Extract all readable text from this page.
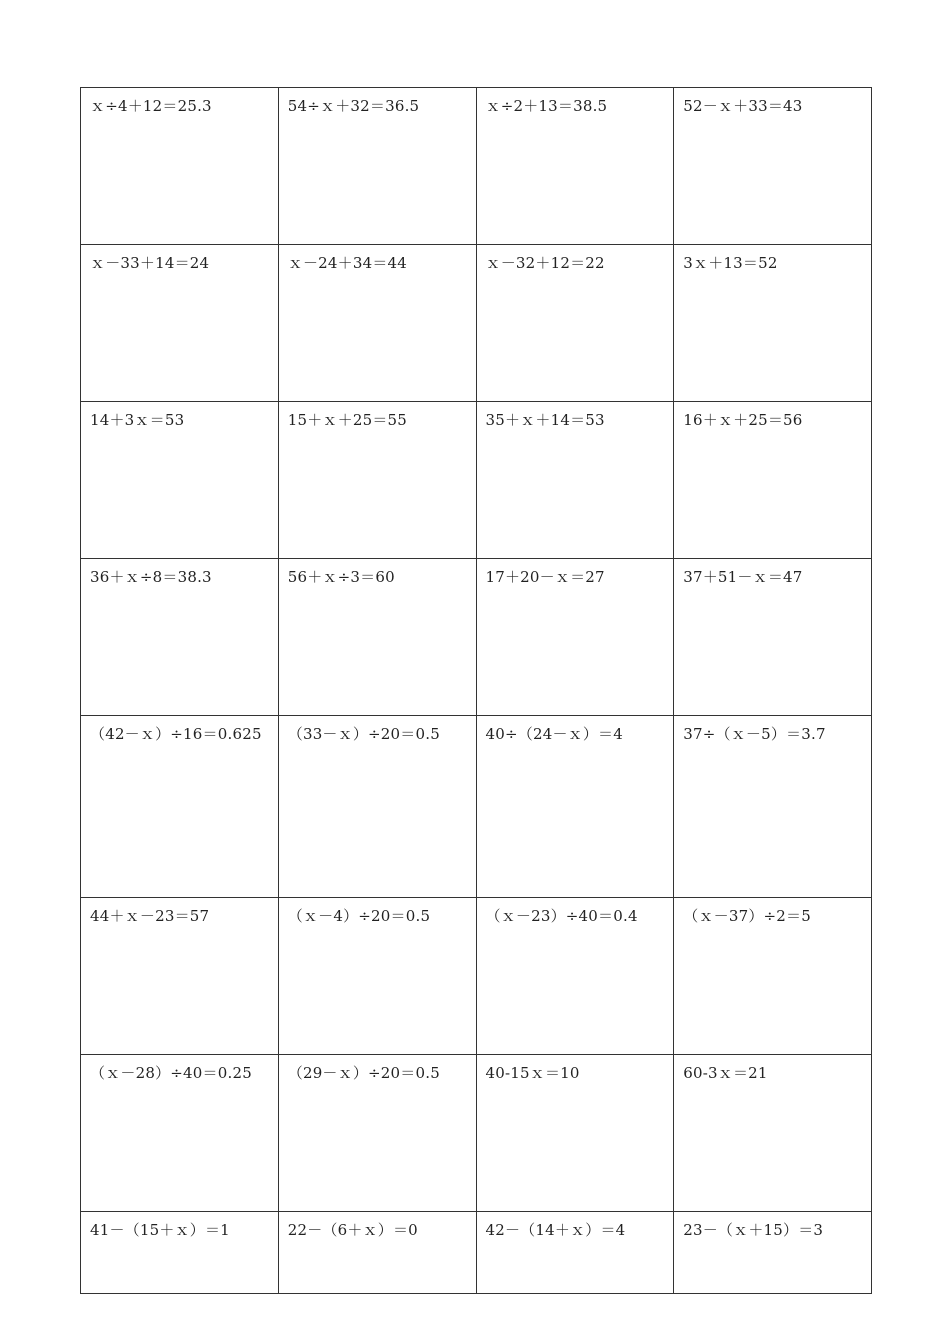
ｘ÷4＋12＝25.3	54÷ｘ＋32＝36.5	ｘ÷2＋13＝38.5	52－ｘ＋33＝43

ｘ－33＋14＝24	ｘ－24＋34＝44	ｘ－32＋12＝22	3ｘ＋13＝52

14＋3ｘ＝53	15＋ｘ＋25＝55	35＋ｘ＋14＝53	16＋ｘ＋25＝56

36＋ｘ÷8＝38.3	56＋ｘ÷3＝60	17＋20－ｘ＝27	37＋51－ｘ＝47

（42－ｘ）÷16＝0.625	（33－ｘ）÷20＝0.5	40÷（24－ｘ）＝4	37÷（ｘ－5）＝3.7

44＋ｘ－23＝57	（ｘ－4）÷20＝0.5	（ｘ－23）÷40＝0.4	（ｘ－37）÷2＝5

（ｘ－28）÷40＝0.25	（29－ｘ）÷20＝0.5	40-15ｘ＝10	60-3ｘ＝21

41－（15＋ｘ）＝1	22－（6＋ｘ）＝0	42－（14＋ｘ）＝4	23－（ｘ＋15）＝3
